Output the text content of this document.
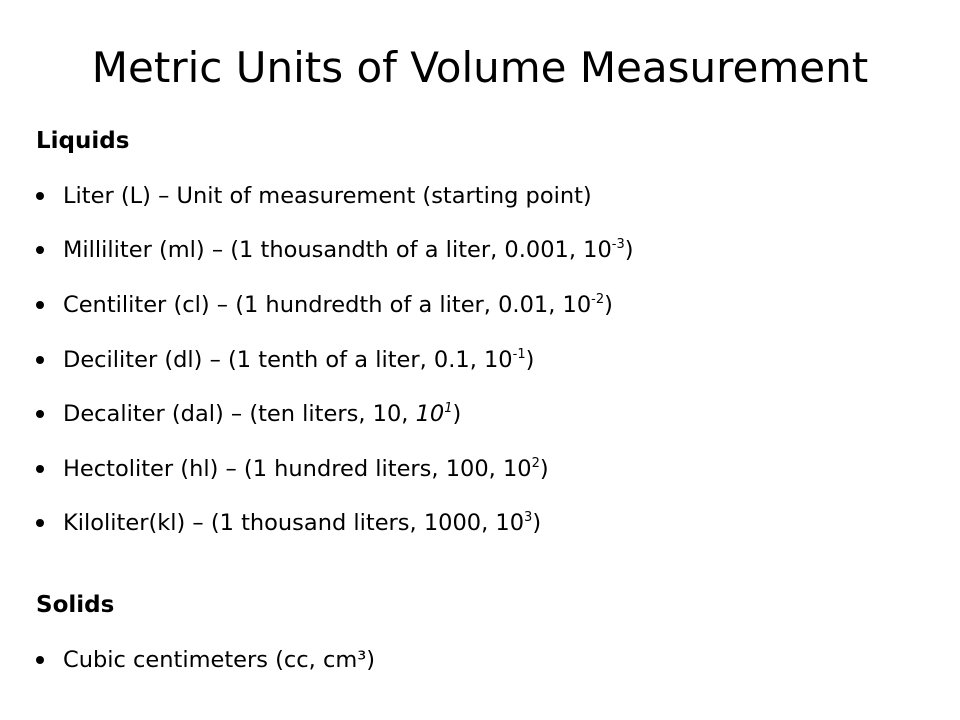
Metric Units of Volume Measurement
Liquids
Liter (L) – Unit of measurement (starting point)
Milliliter (ml) – (1 thousandth of a liter, 0.001, $10^{-3}$)
Centiliter (cl) – (1 hundredth of a liter, 0.01, $10^{-2}$)
Deciliter (dl) – (1 tenth of a liter, 0.1, $10^{-1}$)
Decaliter (dal) – (ten liters, 10, $10^1$)
Hectoliter (hl) – (1 hundred liters, 100, $10^2$)
Kiloliter(kl) – (1 thousand liters, 1000, $10^3$)
Solids
Cubic centimeters (cc, cm³)
